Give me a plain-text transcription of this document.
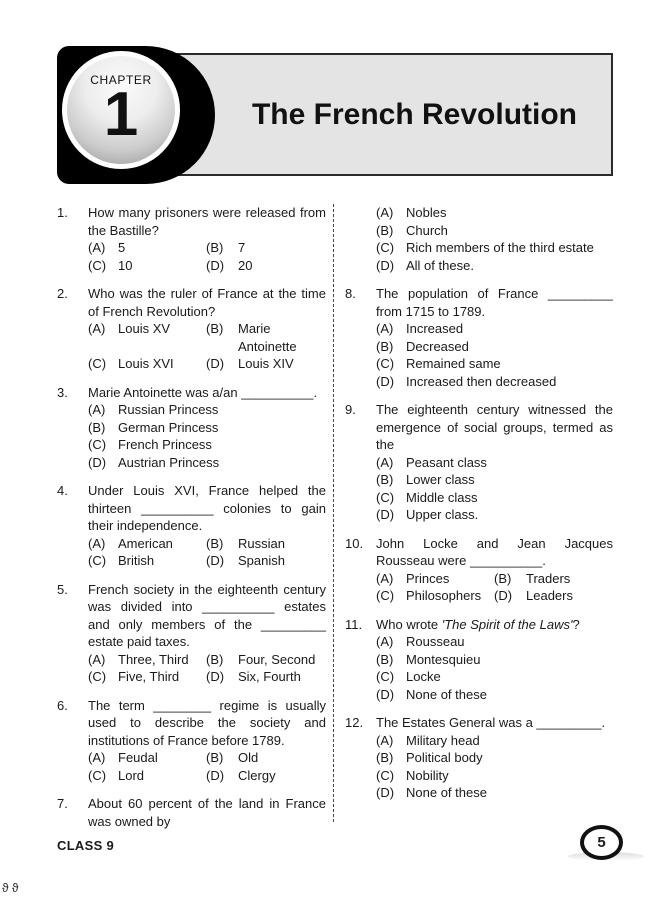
The French Revolution
CHAPTER
1
1.	How many prisoners were released from the Bastille?
(A) 5	(B)	7
(C) 10	(D)	20
2.	Who was the ruler of France at the time of French Revolution?
(A) Louis XV	(B)	Marie Antoinette
(C) Louis XVI	(D)	Louis XIV
3.	Marie Antoinette was a/an __________.
(A) Russian Princess
(B) German Princess
(C) French Princess
(D) Austrian Princess
4.	Under Louis XVI, France helped the thirteen __________ colonies to gain their independence.
(A) American	(B)	Russian
(C) British	(D)	Spanish
5.	French society in the eighteenth century was divided into __________ estates and only members of the _________ estate paid taxes.
(A) Three, Third	(B)	Four, Second
(C) Five, Third	(D)	Six, Fourth
6.	The term ________ regime is usually used to describe the society and institutions of France before 1789.
(A) Feudal	(B)	Old
(C) Lord	(D)	Clergy
7.	About 60 percent of the land in France was owned by
(A) Nobles
(B) Church
(C) Rich members of the third estate
(D) All of these.
8.	The population of France _________ from 1715 to 1789.
(A) Increased
(B) Decreased
(C) Remained same
(D) Increased then decreased
9.	The eighteenth century witnessed the emergence of social groups, termed as the
(A) Peasant class
(B) Lower class
(C) Middle class
(D) Upper class.
10. John Locke and Jean Jacques Rousseau were __________.
(A) Princes	(B)	Traders
(C) Philosophers (D)	Leaders
11.	Who wrote 'The Spirit of the Laws'?
(A) Rousseau
(B) Montesquieu
(C) Locke
(D) None of these
12. The Estates General was a _________.
(A) Military head
(B) Political body
(C) Nobility
(D) None of these
CLASS 9	5
ϑ ϑ
